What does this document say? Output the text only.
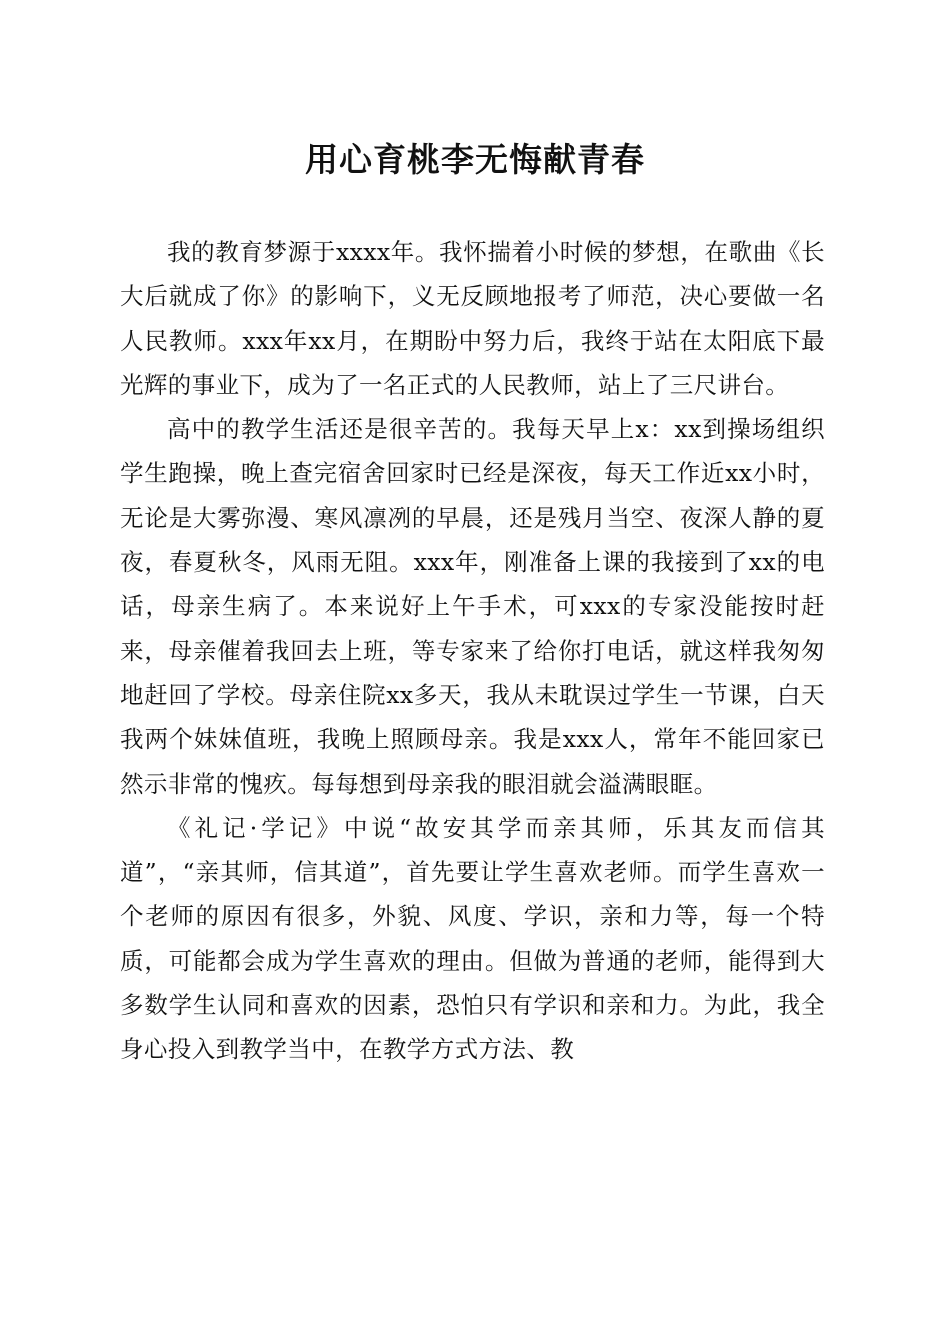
用心育桃李无悔献青春

我的教育梦源于xxxx年。我怀揣着小时候的梦想，在歌曲《长大后就成了你》的影响下，义无反顾地报考了师范，决心要做一名人民教师。xxx年xx月，在期盼中努力后，我终于站在太阳底下最光辉的事业下，成为了一名正式的人民教师，站上了三尺讲台。

高中的教学生活还是很辛苦的。我每天早上x：xx到操场组织学生跑操，晚上查完宿舍回家时已经是深夜，每天工作近xx小时，无论是大雾弥漫、寒风凛冽的早晨，还是残月当空、夜深人静的夏夜，春夏秋冬，风雨无阻。xxx年，刚准备上课的我接到了xx的电话，母亲生病了。本来说好上午手术，可xxx的专家没能按时赶来，母亲催着我回去上班，等专家来了给你打电话，就这样我匆匆地赶回了学校。母亲住院xx多天，我从未耽误过学生一节课，白天我两个妹妹值班，我晚上照顾母亲。我是xxx人，常年不能回家已然示非常的愧疚。每每想到母亲我的眼泪就会溢满眼眶。

《礼记·学记》中说“故安其学而亲其师，乐其友而信其道”，“亲其师，信其道”，首先要让学生喜欢老师。而学生喜欢一个老师的原因有很多，外貌、风度、学识，亲和力等，每一个特质，可能都会成为学生喜欢的理由。但做为普通的老师，能得到大多数学生认同和喜欢的因素，恐怕只有学识和亲和力。为此，我全身心投入到教学当中，在教学方式方法、教
